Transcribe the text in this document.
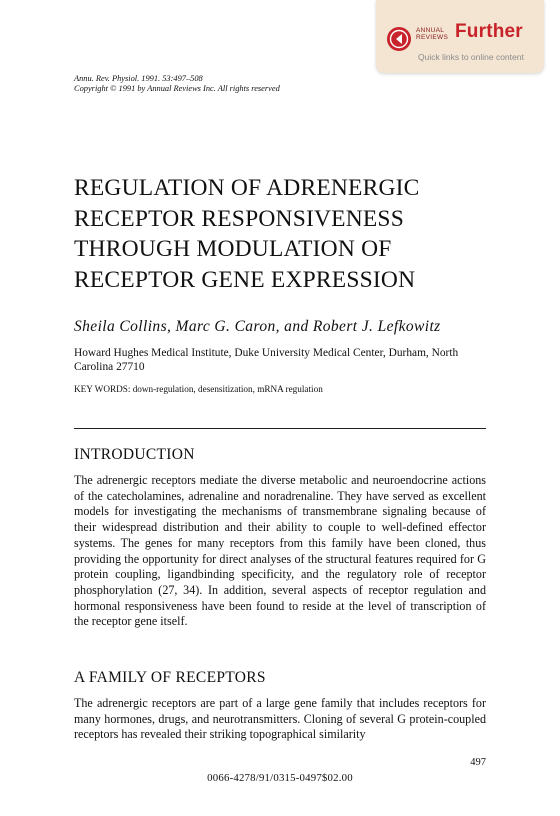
ANNUAL
REVIEWS Further
Quick links to online content
Annu. Rev. Physiol. 1991. 53:497–508
Copyright © 1991 by Annual Reviews Inc. All rights reserved
REGULATION OF ADRENERGIC
RECEPTOR RESPONSIVENESS
THROUGH MODULATION OF
RECEPTOR GENE EXPRESSION
Sheila Collins, Marc G. Caron, and Robert J. Lefkowitz
Howard Hughes Medical Institute, Duke University Medical Center, Durham, North Carolina 27710
KEY WORDS: down-regulation, desensitization, mRNA regulation
INTRODUCTION
The adrenergic receptors mediate the diverse metabolic and neuroendocrine actions of the catecholamines, adrenaline and noradrenaline. They have served as excellent models for investigating the mechanisms of transmembrane signaling because of their widespread distribution and their ability to couple to well-defined effector systems. The genes for many receptors from this family have been cloned, thus providing the opportunity for direct analyses of the structural features required for G protein coupling, ligandbinding specificity, and the regulatory role of receptor phosphorylation (27, 34). In addition, several aspects of receptor regulation and hormonal responsiveness have been found to reside at the level of transcription of the receptor gene itself.
A FAMILY OF RECEPTORS
The adrenergic receptors are part of a large gene family that includes receptors for many hormones, drugs, and neurotransmitters. Cloning of several G protein-coupled receptors has revealed their striking topographical similarity
497
0066-4278/91/0315-0497$02.00
